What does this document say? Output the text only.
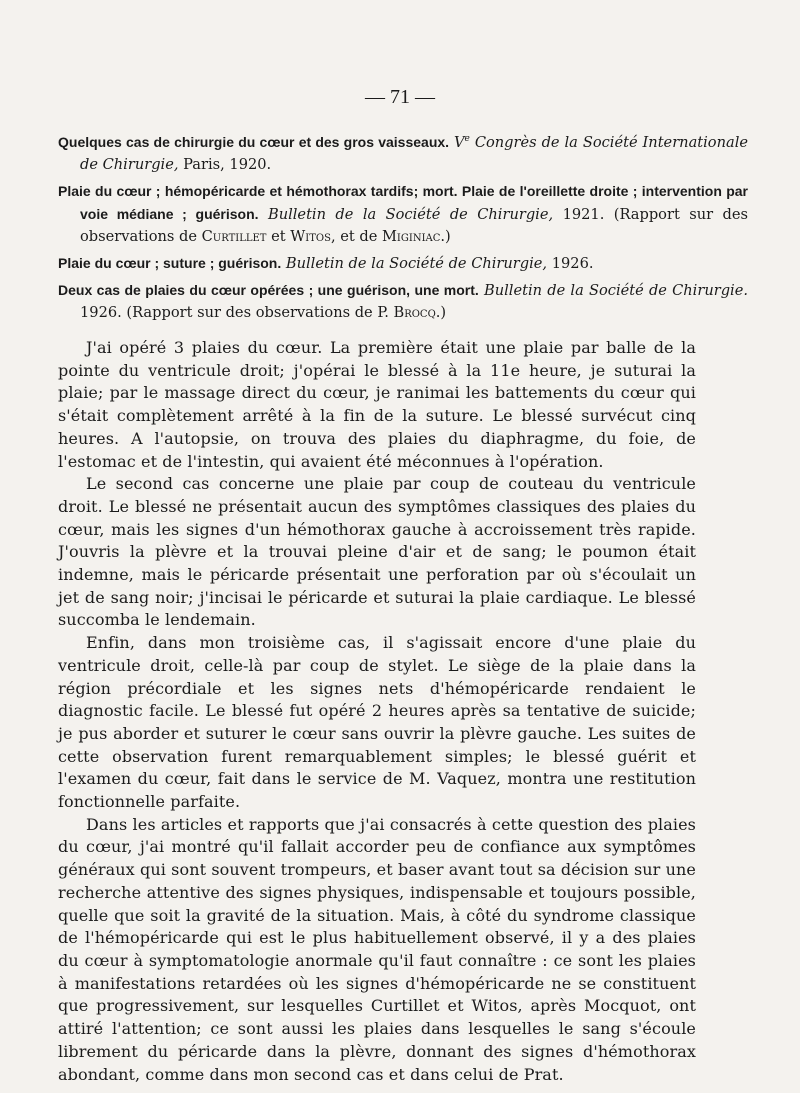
— 71 —
Quelques cas de chirurgie du cœur et des gros vaisseaux. Ve Congrès de la Société Internationale de Chirurgie, Paris, 1920.
Plaie du cœur ; hémopéricarde et hémothorax tardifs; mort. Plaie de l'oreillette droite ; intervention par voie médiane ; guérison. Bulletin de la Société de Chirurgie, 1921. (Rapport sur des observations de Curtillet et Witos, et de Miginiac.)
Plaie du cœur ; suture ; guérison. Bulletin de la Société de Chirurgie, 1926.
Deux cas de plaies du cœur opérées ; une guérison, une mort. Bulletin de la Société de Chirurgie. 1926. (Rapport sur des observations de P. Brocq.)

J'ai opéré 3 plaies du cœur. La première était une plaie par balle de la pointe du ventricule droit; j'opérai le blessé à la 11e heure, je suturai la plaie; par le massage direct du cœur, je ranimai les battements du cœur qui s'était complètement arrêté à la fin de la suture. Le blessé survécut cinq heures. A l'autopsie, on trouva des plaies du diaphragme, du foie, de l'estomac et de l'intestin, qui avaient été méconnues à l'opération.

Le second cas concerne une plaie par coup de couteau du ventricule droit. Le blessé ne présentait aucun des symptômes classiques des plaies du cœur, mais les signes d'un hémothorax gauche à accroissement très rapide. J'ouvris la plèvre et la trouvai pleine d'air et de sang; le poumon était indemne, mais le péricarde présentait une perforation par où s'écoulait un jet de sang noir; j'incisai le péricarde et suturai la plaie cardiaque. Le blessé succomba le lendemain.

Enfin, dans mon troisième cas, il s'agissait encore d'une plaie du ventricule droit, celle-là par coup de stylet. Le siège de la plaie dans la région précordiale et les signes nets d'hémopéricarde rendaient le diagnostic facile. Le blessé fut opéré 2 heures après sa tentative de suicide; je pus aborder et suturer le cœur sans ouvrir la plèvre gauche. Les suites de cette observation furent remarquablement simples; le blessé guérit et l'examen du cœur, fait dans le service de M. Vaquez, montra une restitution fonctionnelle parfaite.

Dans les articles et rapports que j'ai consacrés à cette question des plaies du cœur, j'ai montré qu'il fallait accorder peu de confiance aux symptômes généraux qui sont souvent trompeurs, et baser avant tout sa décision sur une recherche attentive des signes physiques, indispensable et toujours possible, quelle que soit la gravité de la situation. Mais, à côté du syndrome classique de l'hémopéricarde qui est le plus habituellement observé, il y a des plaies du cœur à symptomatologie anormale qu'il faut connaître : ce sont les plaies à manifestations retardées où les signes d'hémopéricarde ne se constituent que progressivement, sur lesquelles Curtillet et Witos, après Mocquot, ont attiré l'attention; ce sont aussi les plaies dans lesquelles le sang s'écoule librement du péricarde dans la plèvre, donnant des signes d'hémothorax abondant, comme dans mon second cas et dans celui de Prat.
